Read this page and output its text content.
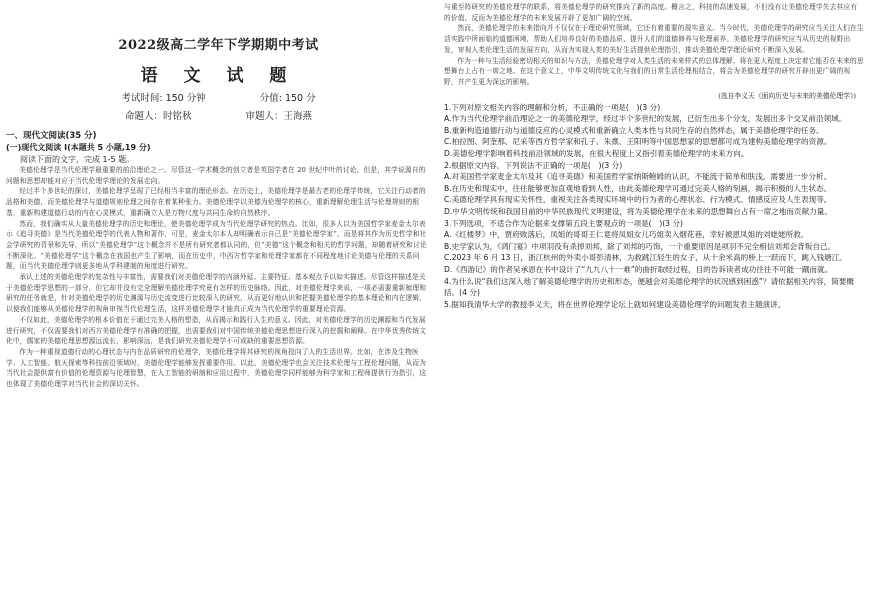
2022级高二学年下学期期中考试
语 文 试 题
考试时间: 150 分钟	分值: 150 分
命题人：时铭秋	审题人：王海燕
一、现代文阅读(35 分)
(一)现代文阅读 I(本题共 5 小题,19 分)
阅读下面的文字，完成 1-5 题。

美德伦理学是当代伦理学最重要的前沿理论之一。尽管这一学术概念的创立者是英国学者在 20 世纪中叶的讨论，但是，其学说源自的问题和思想却能对应于当代伦理学理论的发展走向。

经过半个多世纪的探讨，美德伦理学呈现了已经相当丰富的理论形态。在历史上，美德伦理学是最古老的伦理学传统，它关注行动者的品格和美德，而美德伦理学与道德规则伦理之间存在着某种张力。美德伦理学以美德为伦理学的核心，重新理解伦理生活与伦理规则的根基，重新构建道德行动的内在心灵模式，重新确立人是万物尺度与共同生命的自然秩序。

然而，我们确实从大量美德伦理学的历史和理论，使美德伦理学成为当代伦理学研究的热点。比如，很多人以为美国哲学家麦金太尔表示《追寻美德》是当代美德伦理学的代表人物和著作，可是，麦金太尔本人却明确表示自己是“美德伦理学家”，而是将其作为历史哲学和社会学研究的背景和先导，所以“美德伦理学”这个概念并不是所有研究者都认同的，但“美德”这个概念和相关的哲学问题，却随着研究和讨论不断深化。“美德伦理学”这个概念在我国也产生了影响，而在历史中，中西方哲学家和伦理学家都在不同程度地讨论美德与伦理的关系问题，而当代美德伦理学则更多地从学科建制的角度进行研究。

承认上述的美德伦理学的复杂性与丰富性，需要我们对美德伦理学的内涵外延、主要特征、基本观点予以如实描述。尽管这样描述是关于美德伦理学思想的一部分，但它却并没有完全理解美德伦理学究竟有怎样的历史脉络。因此，对美德伦理学来说，一项必需要重新梳理和研究的任务就是，针对美德伦理学的历史渊源与历史流变进行比较深入的研究，从而更好地认识和把握美德伦理学的基本理论和内在逻辑，以便我们能够从美德伦理学的视角审视当代伦理生活，这样美德伦理学才能真正成为当代伦理学的重要理论资源。

不仅如此，美德伦理学的根本价值在于通过完美人格的塑造，从而揭示和践行人生的意义。因此，对美德伦理学的历史渊源和当代发展进行研究，不仅需要我们对西方美德伦理学有准确的把握，也需要我们对中国传统美德伦理思想进行深入的挖掘和阐释。在中华优秀传统文化中，儒家的美德伦理思想源远流长，影响深远，是我们研究美德伦理学不可或缺的重要思想资源。

作为一种重视道德行动的心理状态与内在品质研究的伦理学，美德伦理学将其研究的视角投向了人的生活世界。比如，在涉及生物医学、人工智能、航天探索等科技前沿领域时，美德伦理学能够发挥重要作用。以此，美德伦理学也会关注技术伦理与工程伦理问题，从而为当代社会提供富有价值的伦理资源与伦理智慧，在人工智能的研制和应用过程中，美德伦理学同样能够为科学家和工程师提供行为指引，这也体现了美德伦理学对当代社会的深切关怀。

与重至阵研究的美德伦理学的联系，将美德伦理学的研究推向了新的高度。概言之，科技的高速发展，不但没有让美德伦理学失去其应有的价值，反而为美德伦理学的未来发展开辟了更加广阔的空间。

然而，美德伦理学的未来指向并不仅仅在于理论研究领域，它还有着重要的现实意义。当今时代，美德伦理学的研究应当关注人们在生活实践中所面临的道德困境，帮助人们培养良好的美德品质，提升人们的道德修养与伦理素养。美德伦理学的研究应当从历史的视野出发，审视人类伦理生活的发展方向，从而为实现人类的美好生活提供伦理指引，推动美德伦理学理论研究不断深入发展。

作为一种与生活经验密切相关的知识与方法，美德伦理学对人类生活的未来样式的总体理解，将在更大程度上决定着它能否在未来的思想舞台上占有一席之地。在这个意义上，中华文明传统文化与我们的日常生活伦理相结合，将会为美德伦理学的研究开辟出更广阔的视野，并产生更为深远的影响。

(选自李义天《面向历史与未来的美德伦理学》)

1.下列对原文相关内容的理解和分析，不正确的一项是(　)(3 分)

A.作为当代伦理学前沿理论之一的美德伦理学，经过半个多世纪的发展，已衍生出多个分支，发展出多个交叉前沿领域。

B.重新构造道德行动与道德反应的心灵模式和重新确立人类本性与共同生存的自然样态，属于美德伦理学的任务。

C.柏拉图、阿奎那、尼采等西方哲学家和孔子、朱熹、王阳明等中国思想家的思想都可成为建构美德伦理学的资源。

D.美德伦理学影响着科技前沿领域的发展，在很大程度上又指引着美德伦理学的未来方向。

2.根据原文内容，下列说法不正确的一项是(　)(3 分)

A.对美国哲学家麦金太尔及其《追寻美德》和美国哲学家纳斯鲍姆的认识，不能流于简单和肤浅，需要进一步分析。

B.在历史和现实中，往往能够更加直观地看到人性，由此美德伦理学可通过完美人格的刻画，揭示积极的人生状态。

C.美德伦理学具有现实关怀性，重视关注各类现实环境中的行为者的心理状态、行为模式、情感反应及人生表现等。

D.中华文明传统和我国目前的中华民族现代文明建设，将为美德伦理学在未来的思想舞台占有一席之地而贡献力量。

3.下列选项，不适合作为论据来支撑第五段主要观点的一项是(　)(3 分)

A.《红楼梦》中，贾府败落后，凤姐的哥哥王仁竟将凤姐女儿巧姐卖入烟花巷，幸好被恩凤姐的刘姥姥所救。

B.史学家认为，《鸿门宴》中项羽没有杀掉刘邦，除了刘邦的巧饰，一个重要原因是项羽不完全相信刘邦会背叛自己。

C.2023 年 6 月 13 日，浙江杭州的外卖小哥彭清林，为救跳江轻生的女子，从十余米高的桥上一跃而下，跳入钱塘江。

D.《西游记》的作者吴承恩在书中设计了“九九八十一难”的曲折取经过程，目的告诉读者成功往往不可能一蹴而就。

4.为什么说“我们这深入地了解美德伦理学的历史和形态，便越会对美德伦理学的状况感到困惑”？请依据相关内容，简要概括。(4 分)

5.据知我清华大学的教授李义天，将在世界伦理学论坛上就如何建设美德伦理学的问题发表主题演讲。
